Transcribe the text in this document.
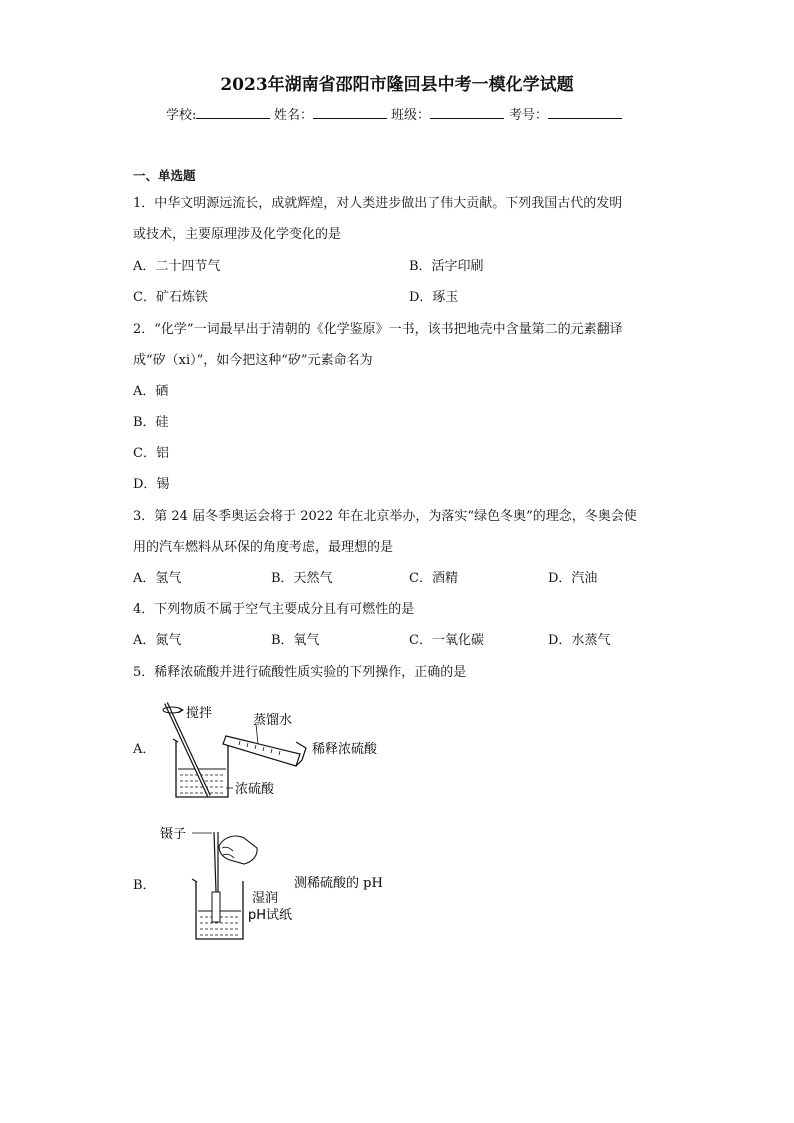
2023年湖南省邵阳市隆回县中考一模化学试题
学校:	姓名：	班级：	考号：
一、单选题
1．中华文明源远流长，成就辉煌，对人类进步做出了伟大贡献。下列我国古代的发明
或技术，主要原理涉及化学变化的是
A．二十四节气	B．活字印刷
C．矿石炼铁	D．琢玉
2．“化学”一词最早出于清朝的《化学鉴原》一书，该书把地壳中含量第二的元素翻译
成“矽（xi）”，如今把这种“矽”元素命名为
A．硒
B．硅
C．铝
D．锡
3．第 24 届冬季奥运会将于 2022 年在北京举办，为落实“绿色冬奥”的理念，冬奥会使
用的汽车燃料从环保的角度考虑，最理想的是
A．氢气	B．天然气	C．酒精	D．汽油
4．下列物质不属于空气主要成分且有可燃性的是
A．氮气	B．氧气	C．一氧化碳	D．水蒸气
5．稀释浓硫酸并进行硫酸性质实验的下列操作，正确的是
A．
搅拌	蒸馏水
稀释浓硫酸
浓硫酸
B．
镊子
湿润
pH试纸
测稀硫酸的 pH
